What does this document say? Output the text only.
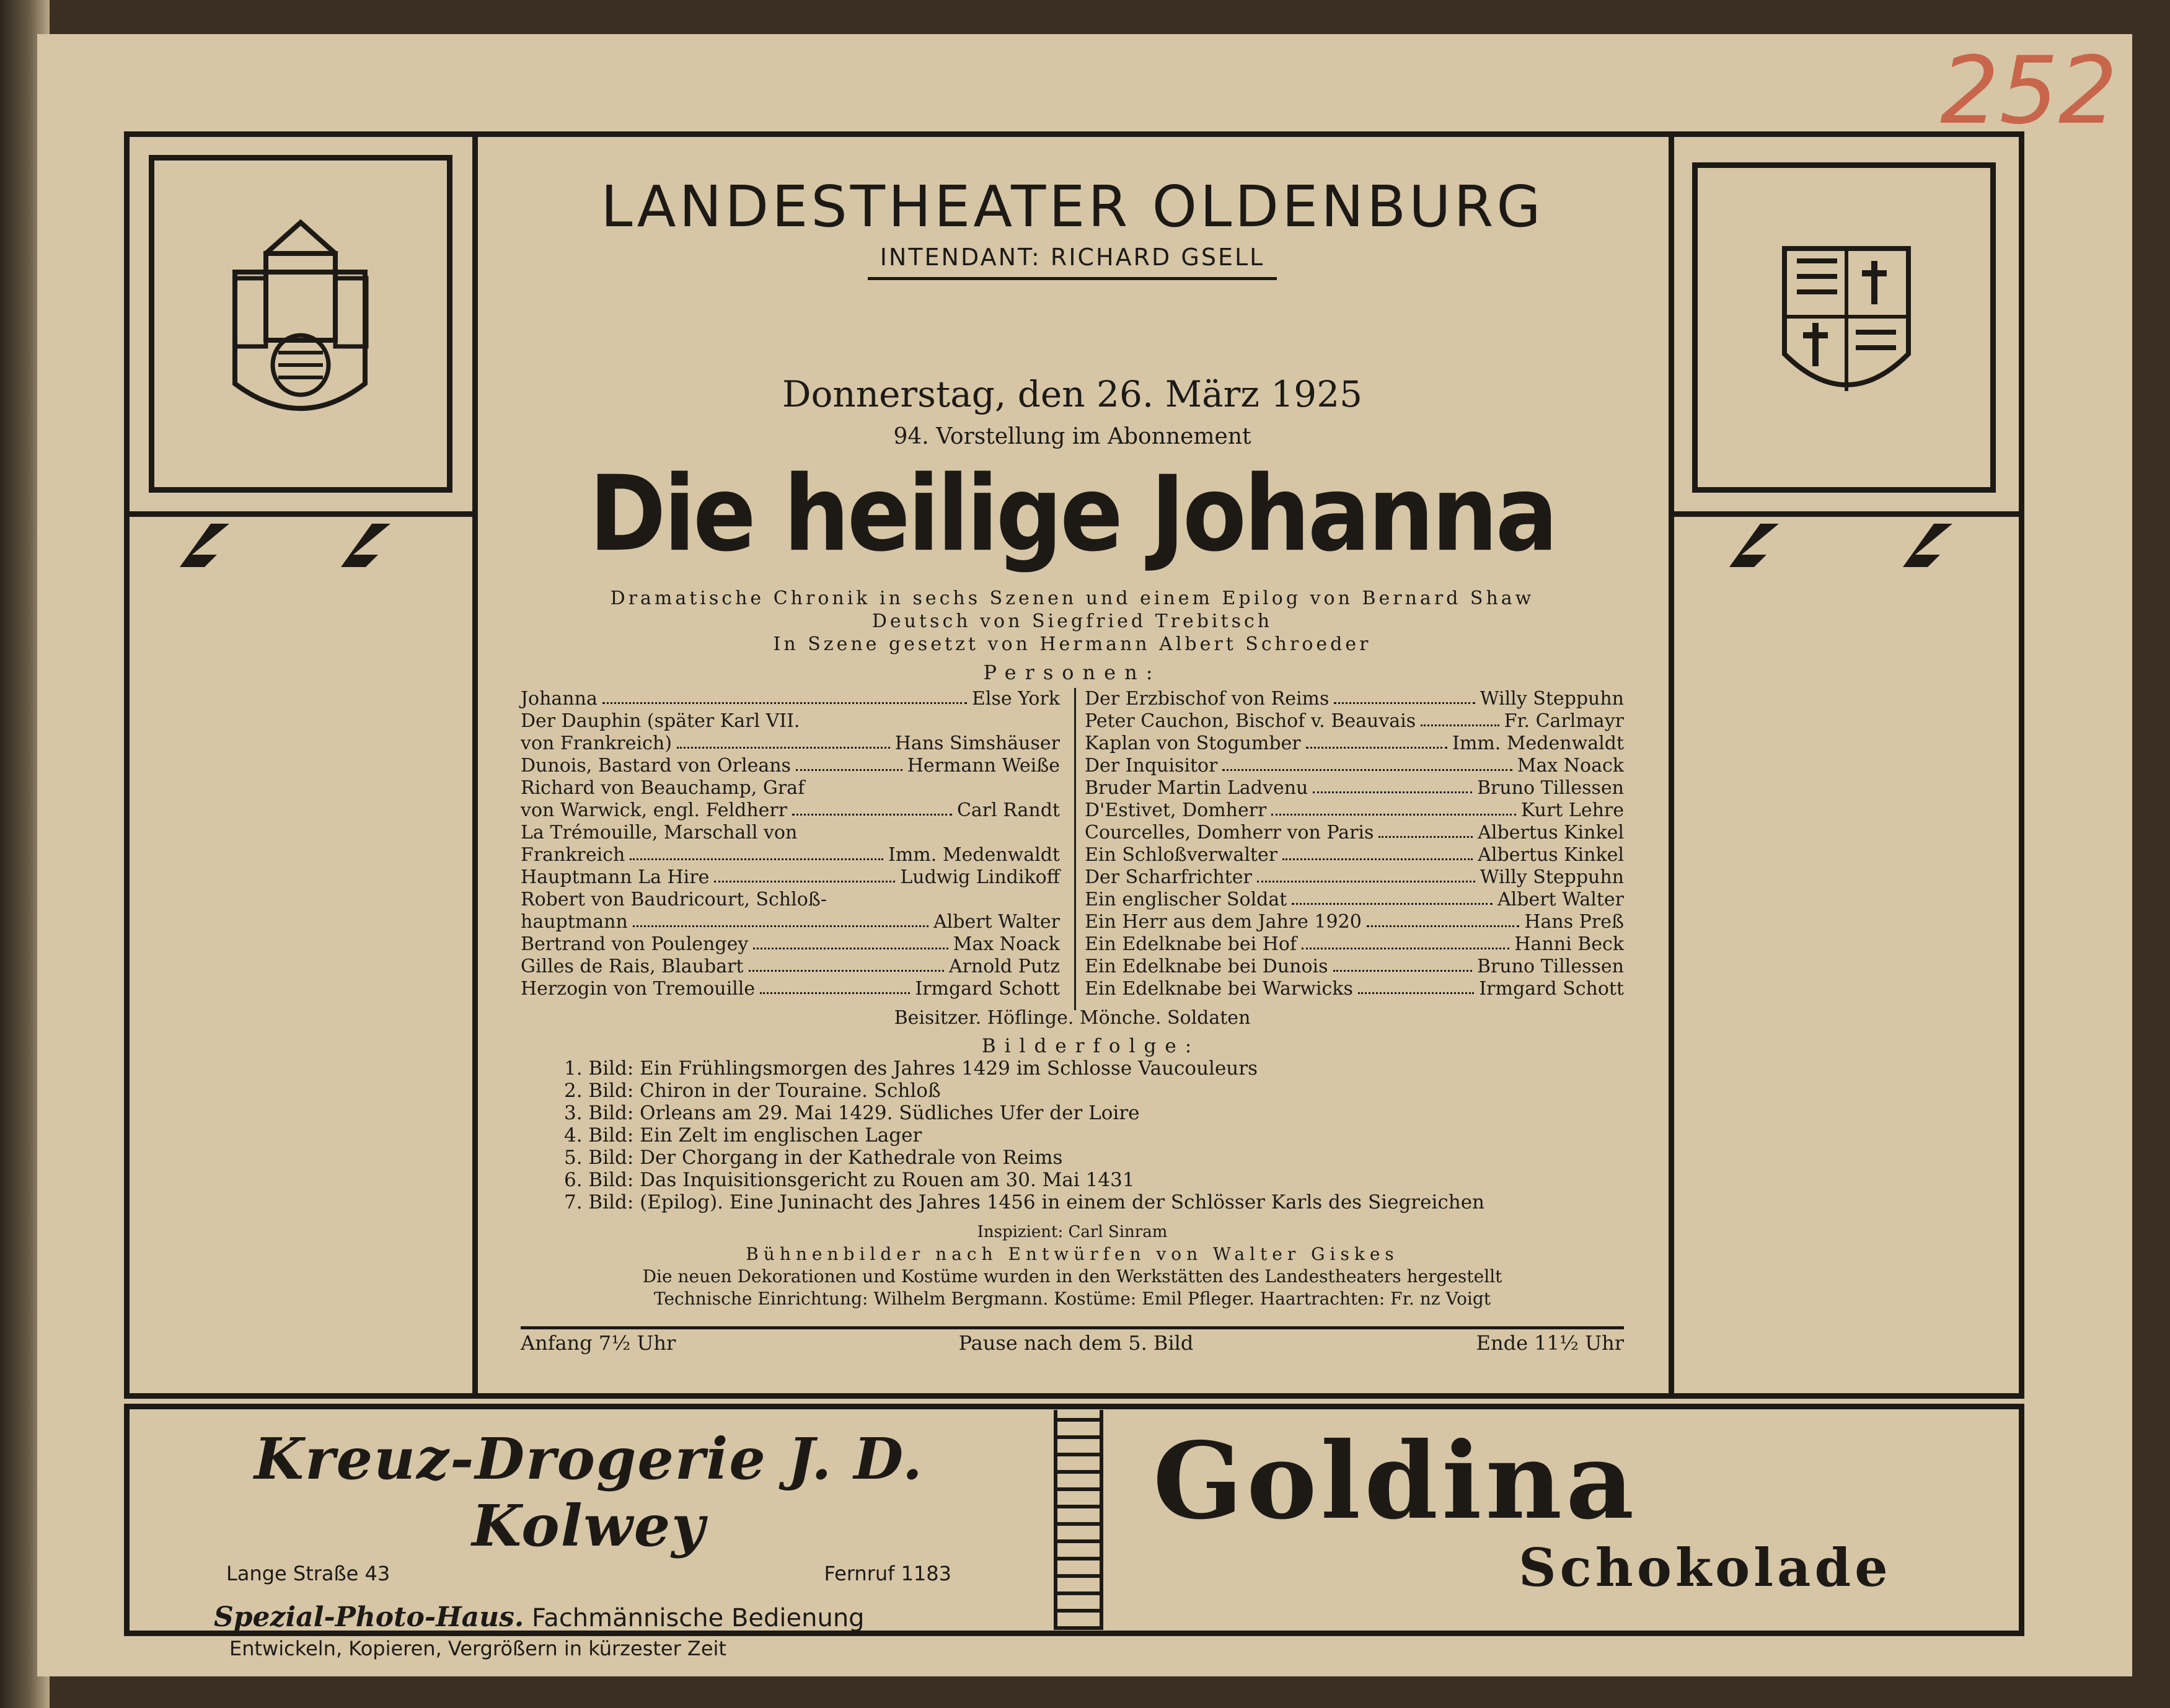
252
LANDESTHEATER OLDENBURG
INTENDANT: RICHARD GSELL
Donnerstag, den 26. März 1925
94. Vorstellung im Abonnement
Die heilige Johanna
Dramatische Chronik in sechs Szenen und einem Epilog von Bernard Shaw
Deutsch von Siegfried Trebitsch
In Szene gesetzt von Hermann Albert Schroeder
Personen:
Johanna	Else York
Der Dauphin (später Karl VII.
von Frankreich)	Hans Simshäuser
Dunois, Bastard von Orleans	Hermann Weiße
Richard von Beauchamp, Graf
von Warwick, engl. Feldherr	Carl Randt
La Trémouille, Marschall von
Frankreich	Imm. Medenwaldt
Hauptmann La Hire	Ludwig Lindikoff
Robert von Baudricourt, Schloß-
hauptmann	Albert Walter
Bertrand von Poulengey	Max Noack
Gilles de Rais, Blaubart	Arnold Putz
Herzogin von Tremouille	Irmgard Schott
Der Erzbischof von Reims	Willy Steppuhn
Peter Cauchon, Bischof v. Beauvais	Fr. Carlmayr
Kaplan von Stogumber	Imm. Medenwaldt
Der Inquisitor	Max Noack
Bruder Martin Ladvenu	Bruno Tillessen
D'Estivet, Domherr	Kurt Lehre
Courcelles, Domherr von Paris	Albertus Kinkel
Ein Schloßverwalter	Albertus Kinkel
Der Scharfrichter	Willy Steppuhn
Ein englischer Soldat	Albert Walter
Ein Herr aus dem Jahre 1920	Hans Preß
Ein Edelknabe bei Hof	Hanni Beck
Ein Edelknabe bei Dunois	Bruno Tillessen
Ein Edelknabe bei Warwicks	Irmgard Schott
Beisitzer. Höflinge. Mönche. Soldaten
Bilderfolge:
1. Bild: Ein Frühlingsmorgen des Jahres 1429 im Schlosse Vaucouleurs
2. Bild: Chiron in der Touraine. Schloß
3. Bild: Orleans am 29. Mai 1429. Südliches Ufer der Loire
4. Bild: Ein Zelt im englischen Lager
5. Bild: Der Chorgang in der Kathedrale von Reims
6. Bild: Das Inquisitionsgericht zu Rouen am 30. Mai 1431
7. Bild: (Epilog). Eine Juninacht des Jahres 1456 in einem der Schlösser Karls des Siegreichen
Inspizient: Carl Sinram
Bühnenbilder nach Entwürfen von Walter Giskes
Die neuen Dekorationen und Kostüme wurden in den Werkstätten des Landestheaters hergestellt
Technische Einrichtung: Wilhelm Bergmann. Kostüme: Emil Pfleger. Haartrachten: Fr. nz Voigt
Anfang 7½ Uhr	Pause nach dem 5. Bild	Ende 11½ Uhr
Kreuz-Drogerie J. D. Kolwey
Lange Straße 43	Fernruf 1183
Spezial-Photo-Haus. Fachmännische Bedienung
Entwickeln, Kopieren, Vergrößern in kürzester Zeit
Goldina
Schokolade
